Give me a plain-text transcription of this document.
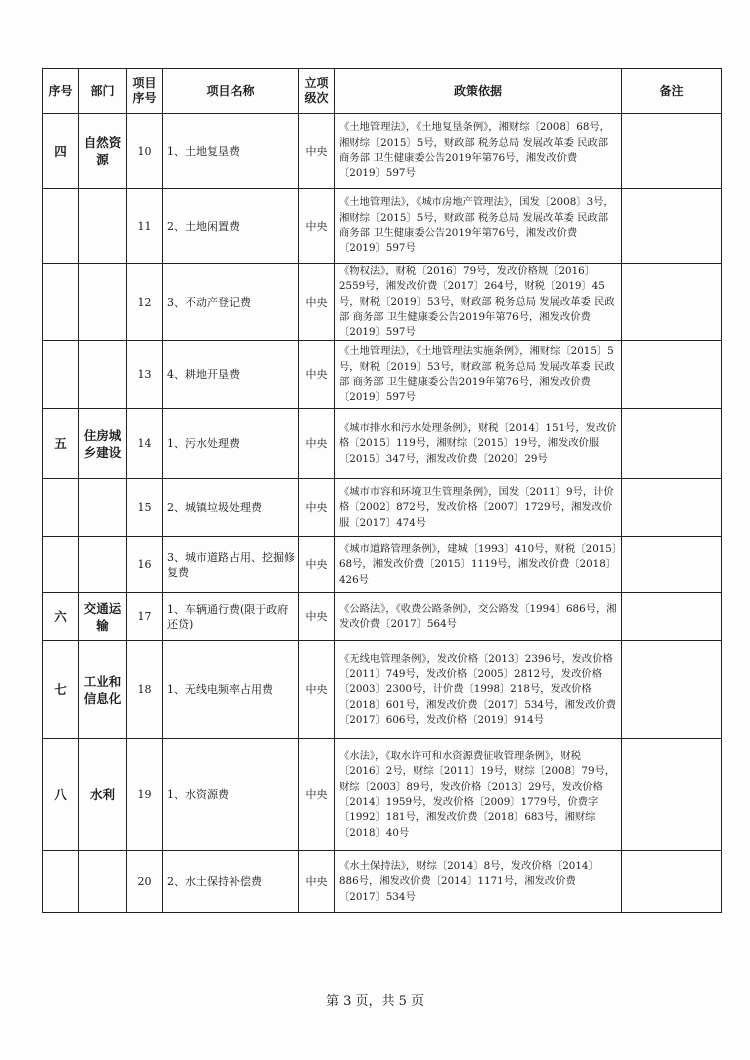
序号	部门	项目序号	项目名称	立项级次	政策依据	备注
四	自然资源	10	1、土地复垦费	中央	《土地管理法》，《土地复垦条例》，湘财综〔2008〕68号，湘财综〔2015〕5号，财政部 税务总局 发展改革委 民政部 商务部 卫生健康委公告2019年第76号，湘发改价费〔2019〕597号	
		11	2、土地闲置费	中央	《土地管理法》，《城市房地产管理法》，国发〔2008〕3号，湘财综〔2015〕5号，财政部 税务总局 发展改革委 民政部 商务部 卫生健康委公告2019年第76号，湘发改价费〔2019〕597号	
		12	3、不动产登记费	中央	《物权法》，财税〔2016〕79号，发改价格规〔2016〕2559号，湘发改价费〔2017〕264号，财税〔2019〕45号，财税〔2019〕53号，财政部 税务总局 发展改革委 民政部 商务部 卫生健康委公告2019年第76号，湘发改价费〔2019〕597号	
		13	4、耕地开垦费	中央	《土地管理法》，《土地管理法实施条例》，湘财综〔2015〕5号，财税〔2019〕53号，财政部 税务总局 发展改革委 民政部 商务部 卫生健康委公告2019年第76号，湘发改价费〔2019〕597号	
五	住房城乡建设	14	1、污水处理费	中央	《城市排水和污水处理条例》，财税〔2014〕151号，发改价格〔2015〕119号，湘财综〔2015〕19号，湘发改价服〔2015〕347号，湘发改价费〔2020〕29号	
		15	2、城镇垃圾处理费	中央	《城市市容和环境卫生管理条例》，国发〔2011〕9号，计价格〔2002〕872号，发改价格〔2007〕1729号，湘发改价服〔2017〕474号	
		16	3、城市道路占用、挖掘修复费	中央	《城市道路管理条例》，建城〔1993〕410号，财税〔2015〕68号，湘发改价费〔2015〕1119号，湘发改价费〔2018〕426号	
六	交通运输	17	1、车辆通行费(限于政府还贷)	中央	《公路法》，《收费公路条例》，交公路发〔1994〕686号，湘发改价费〔2017〕564号	
七	工业和信息化	18	1、无线电频率占用费	中央	《无线电管理条例》，发改价格〔2013〕2396号，发改价格〔2011〕749号，发改价格〔2005〕2812号，发改价格〔2003〕2300号，计价费〔1998〕218号，发改价格〔2018〕601号，湘发改价费〔2017〕534号，湘发改价费〔2017〕606号，发改价格〔2019〕914号	
八	水利	19	1、水资源费	中央	《水法》，《取水许可和水资源费征收管理条例》，财税〔2016〕2号，财综〔2011〕19号，财综〔2008〕79号，财综〔2003〕89号，发改价格〔2013〕29号，发改价格〔2014〕1959号，发改价格〔2009〕1779号，价费字〔1992〕181号，湘发改价费〔2018〕683号，湘财综〔2018〕40号	
		20	2、水土保持补偿费	中央	《水土保持法》，财综〔2014〕8号，发改价格〔2014〕886号，湘发改价费〔2014〕1171号，湘发改价费〔2017〕534号	
第 3 页，共 5 页
